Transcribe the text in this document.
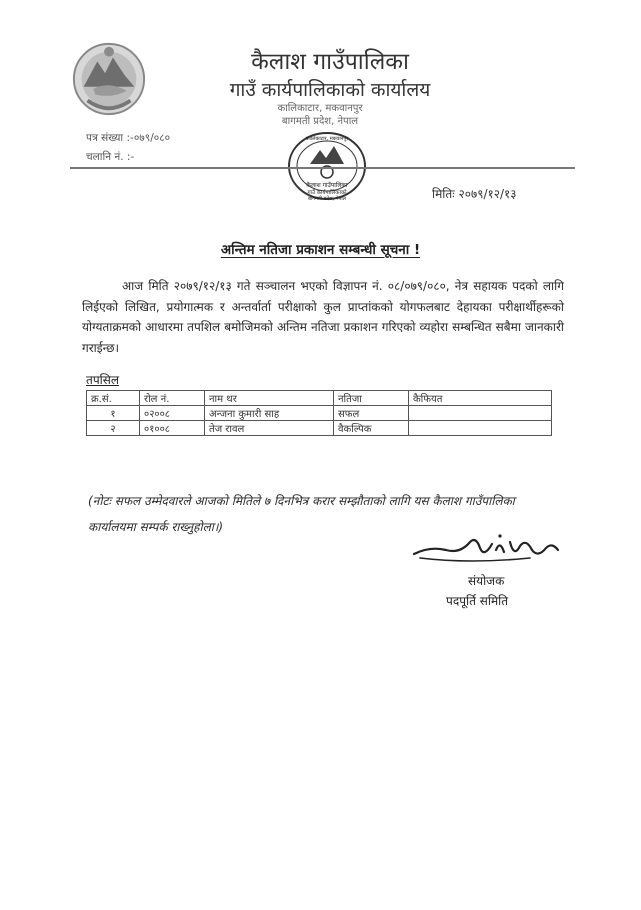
कैलाश गाउँपालिका
गाउँ कार्यपालिकाको कार्यालय
कालिकाटार, मकवानपुर
बागमती प्रदेश, नेपाल
पत्र संख्या :-०७९/०८०
चलानि नं. :-
कैलाश गाउँपालिका
गाउँ कार्यपालिकाको
कालिकाटार, मकवानपुर
बागमती प्रदेश, नेपाल	मितिः २०७९/१२/१३
अन्तिम नतिजा प्रकाशन सम्बन्धी सूचना !
आज मिति २०७९/१२/१३ गते सञ्चालन भएको विज्ञापन नं. ०८/०७९/०८०, नेत्र सहायक पदको लागि लिईएको लिखित, प्रयोगात्मक र अन्तर्वार्ता परीक्षाको कुल प्राप्तांकको योगफलबाट देहायका परीक्षार्थीहरूको योग्यताक्रमको आधारमा तपशिल बमोजिमको अन्तिम नतिजा प्रकाशन गरिएको व्यहोरा सम्बन्धित सबैमा जानकारी गराईन्छ।
तपसिल
क्र.सं.	रोल नं.	नाम थर	नतिजा	कैफियत
१	०२००८	अन्जना कुमारी साह	सफल	
२	०१००८	तेज रावल	वैकल्पिक	
(नोटः सफल उम्मेदवारले आजको मितिले ७ दिनभित्र करार सम्झौताको लागि यस कैलाश गाउँपालिका कार्यालयमा सम्पर्क राख्नुहोला।)
संयोजक
पदपूर्ति समिति
